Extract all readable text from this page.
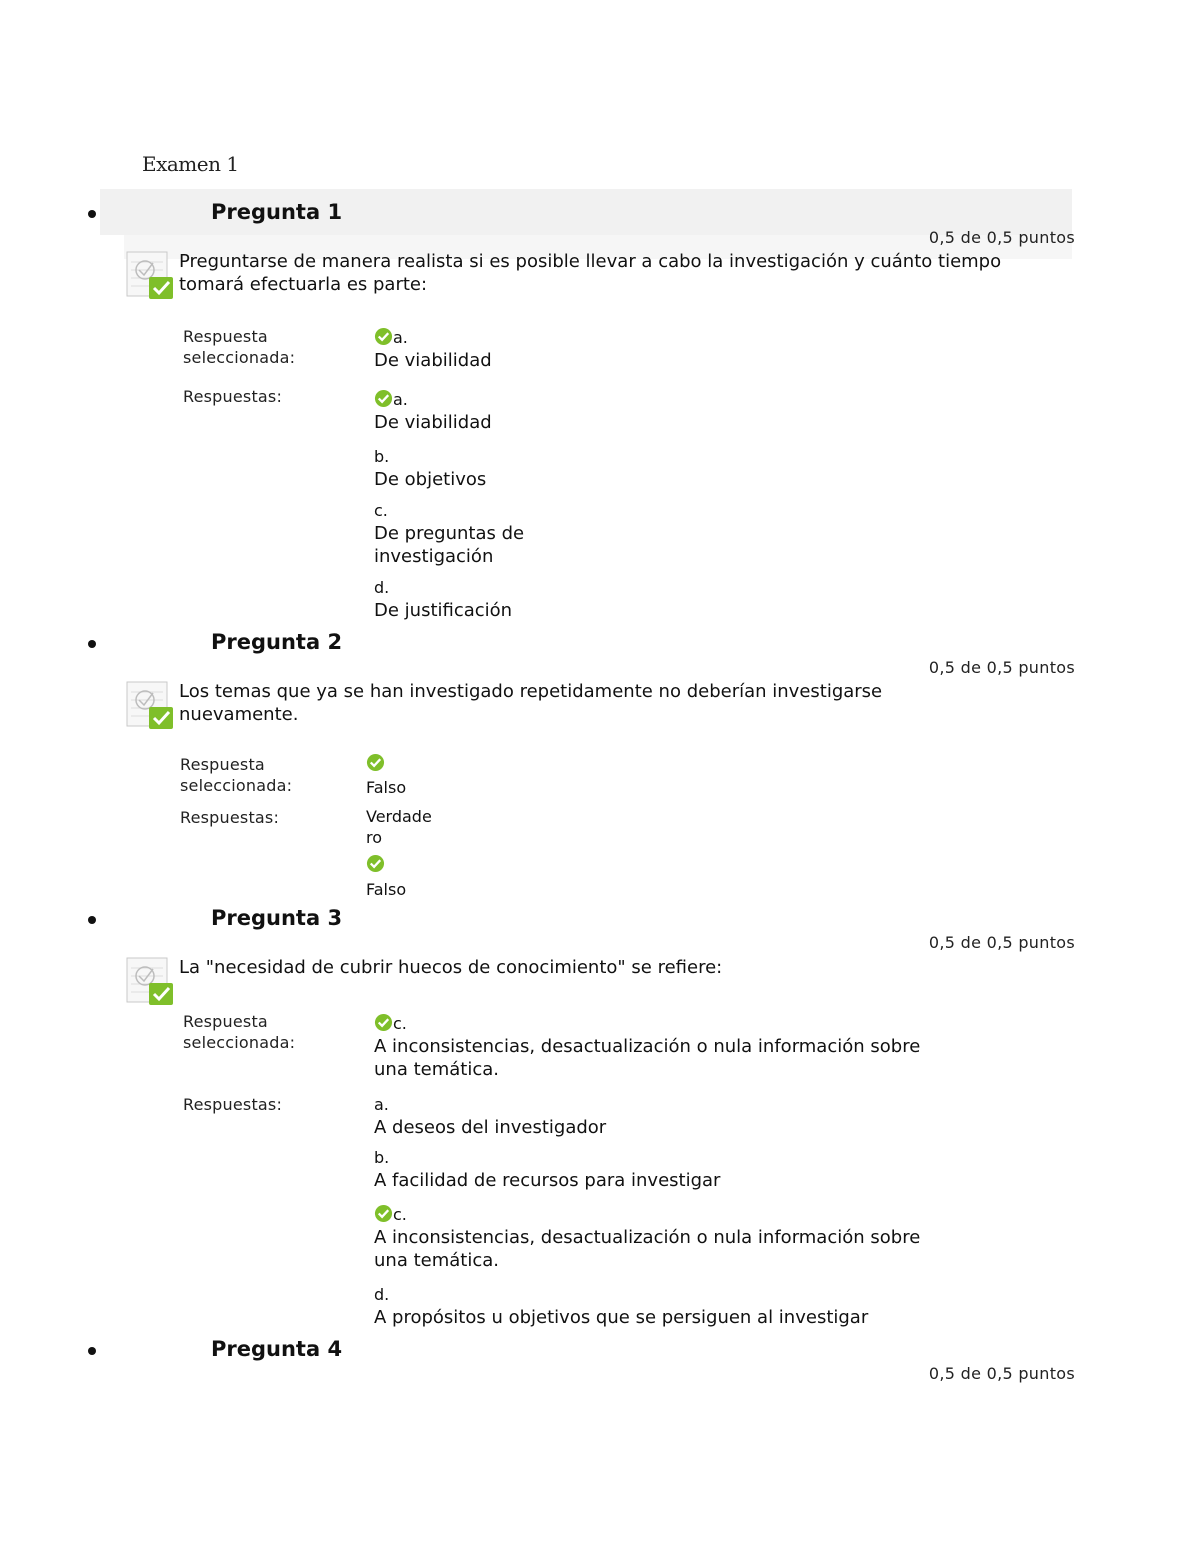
Examen 1
Pregunta 1
0,5 de 0,5 puntos
Preguntarse de manera realista si es posible llevar a cabo la investigación y cuánto tiempo tomará efectuarla es parte:
Respuesta seleccionada:
a.
De viabilidad
Respuestas:	a.
De viabilidad
b.
De objetivos
c.
De preguntas de investigación
d.
De justificación
Pregunta 2
0,5 de 0,5 puntos
Los temas que ya se han investigado repetidamente no deberían investigarse nuevamente.
Respuesta seleccionada:	Falso
Respuestas:	Verdadero

Falso
Pregunta 3
0,5 de 0,5 puntos
La "necesidad de cubrir huecos de conocimiento" se refiere:
Respuesta seleccionada:
c.
A inconsistencias, desactualización o nula información sobre una temática.
Respuestas:	a.
A deseos del investigador
b.
A facilidad de recursos para investigar
c.
A inconsistencias, desactualización o nula información sobre una temática.
d.
A propósitos u objetivos que se persiguen al investigar
Pregunta 4
0,5 de 0,5 puntos
